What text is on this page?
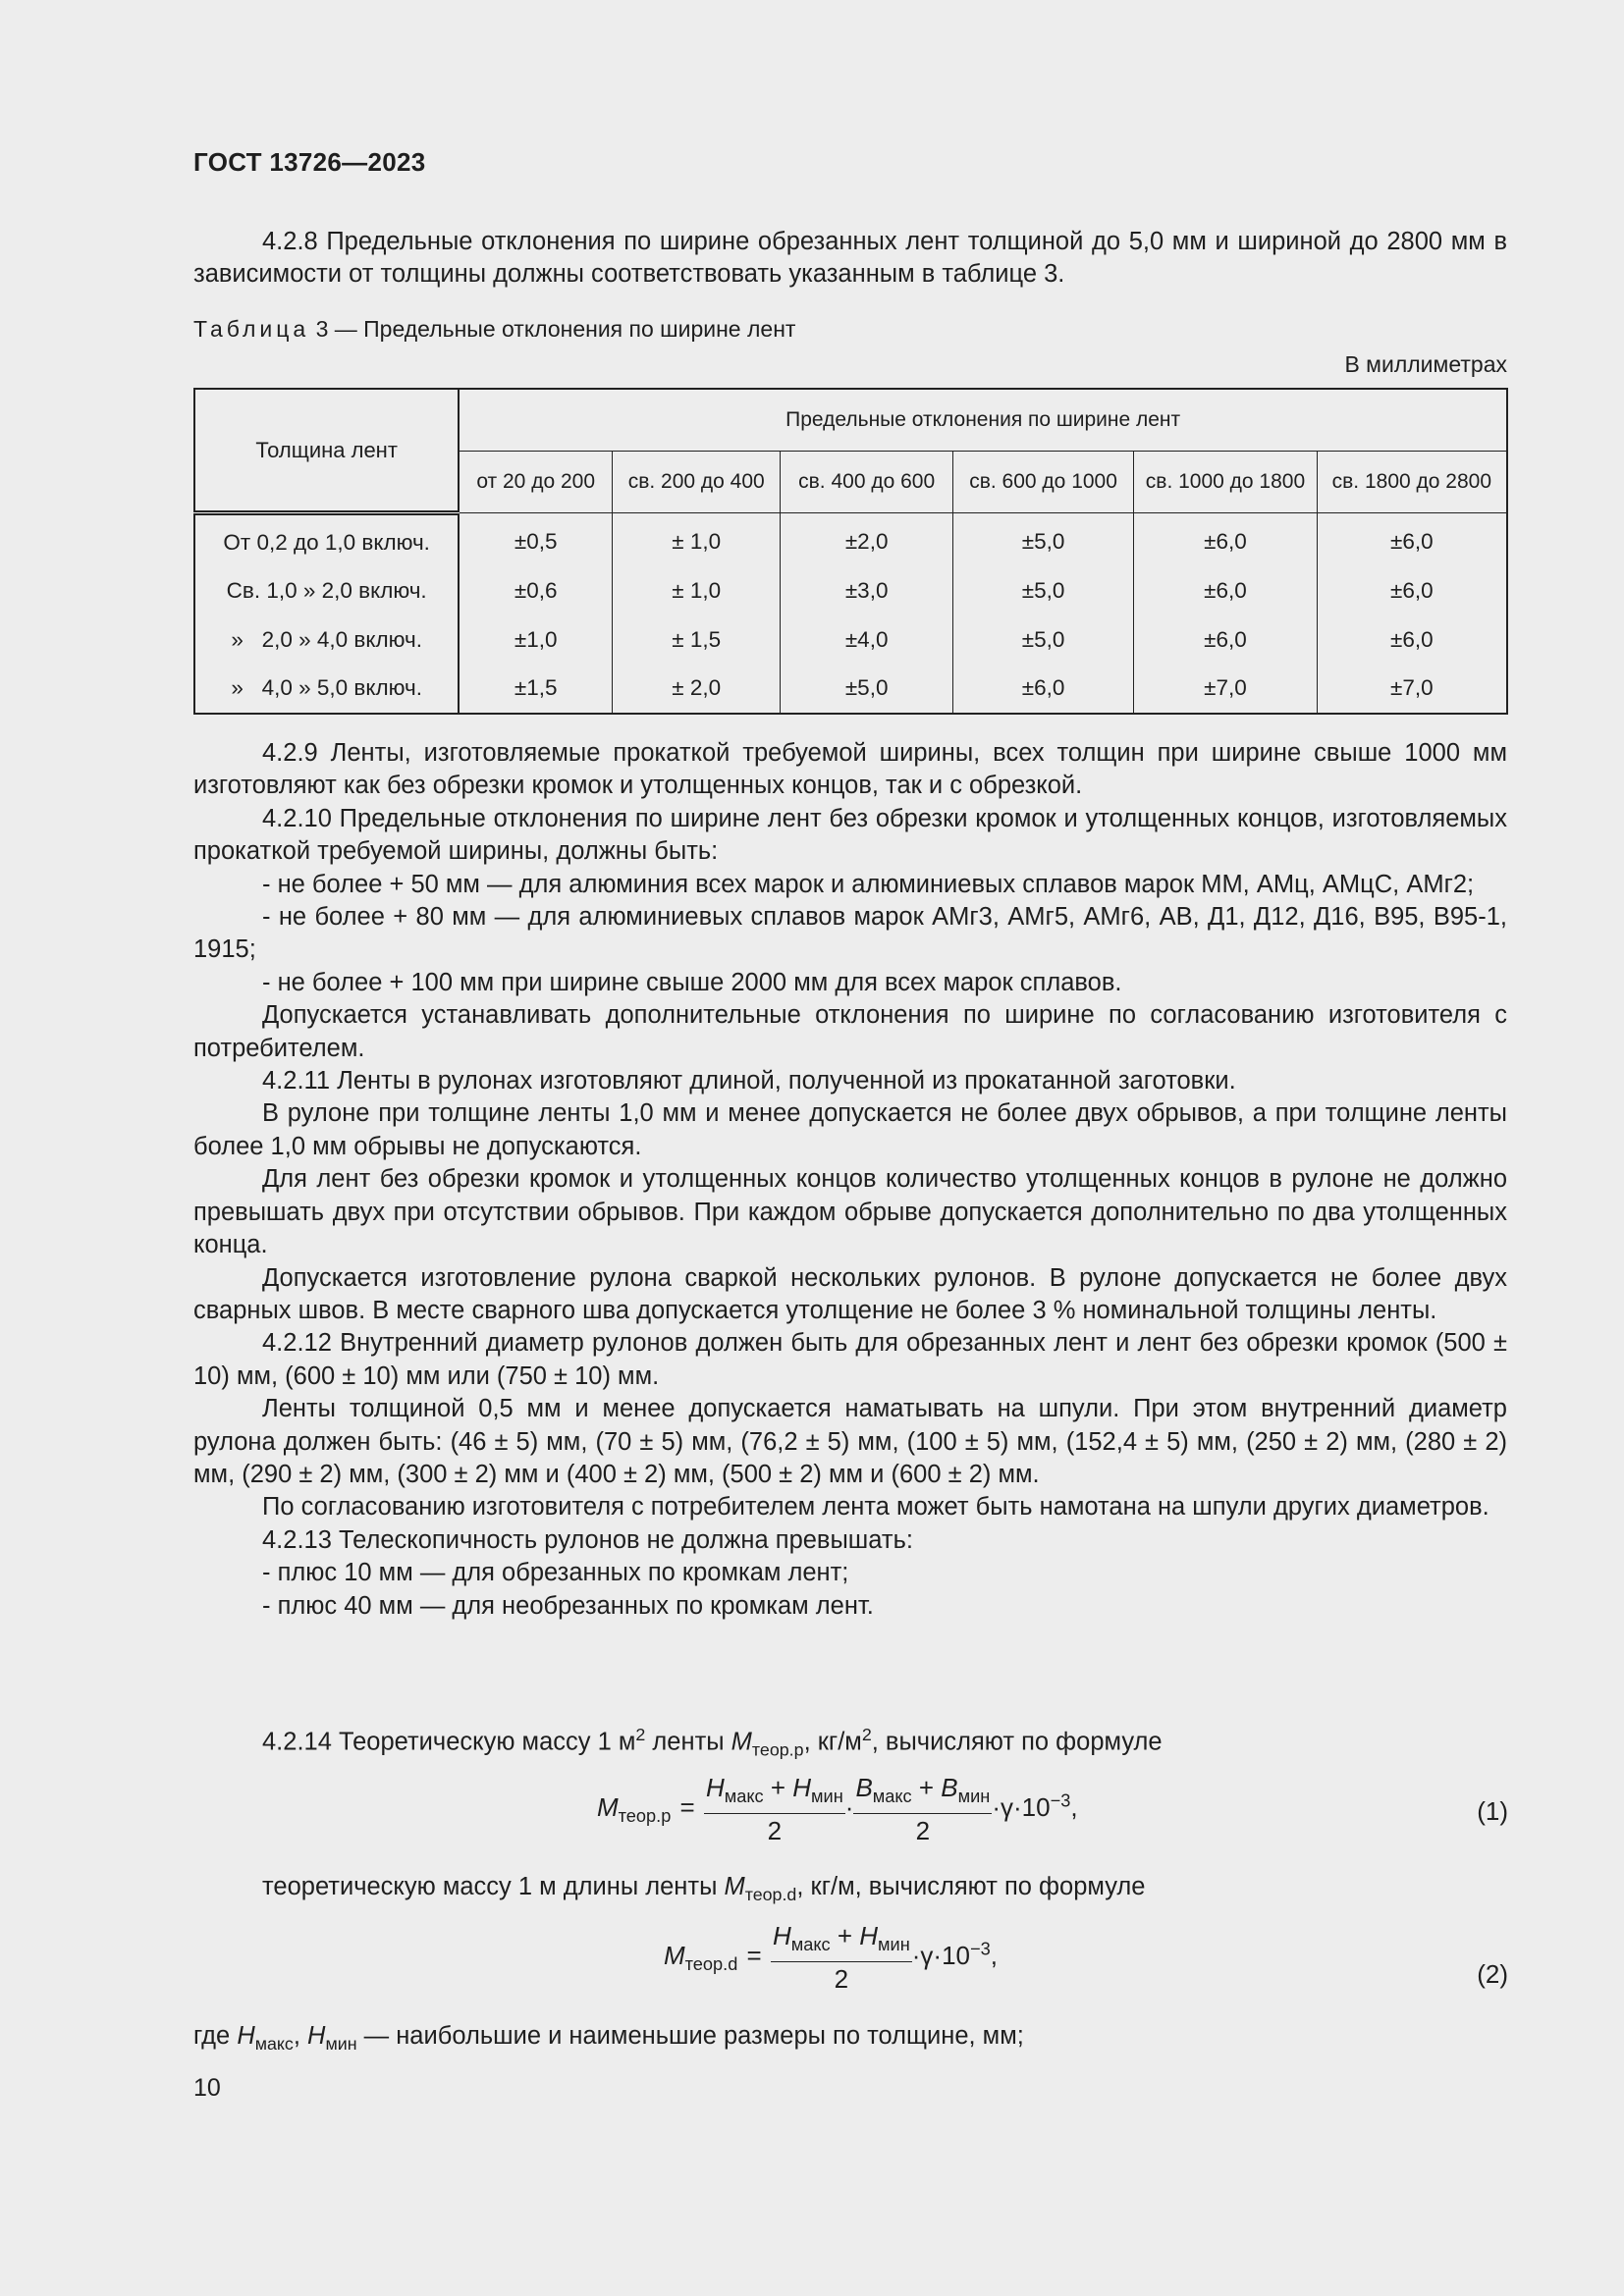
ГОСТ 13726—2023

4.2.8 Предельные отклонения по ширине обрезанных лент толщиной до 5,0 мм и шириной до 2800 мм в зависимости от толщины должны соответствовать указанным в таблице 3.

Таблица 3 — Предельные отклонения по ширине лент
В миллиметрах
Толщина лент	Предельные отклонения по ширине лент					
	от 20 до 200	св. 200 до 400	св. 400 до 600	св. 600 до 1000	св. 1000 до 1800	св. 1800 до 2800
От 0,2 до 1,0 включ.	±0,5	± 1,0	±2,0	±5,0	±6,0	±6,0
Св. 1,0 » 2,0 включ.	±0,6	± 1,0	±3,0	±5,0	±6,0	±6,0
»   2,0 » 4,0 включ.	±1,0	± 1,5	±4,0	±5,0	±6,0	±6,0
»   4,0 » 5,0 включ.	±1,5	± 2,0	±5,0	±6,0	±7,0	±7,0

4.2.9 Ленты, изготовляемые прокаткой требуемой ширины, всех толщин при ширине свыше 1000 мм изготовляют как без обрезки кромок и утолщенных концов, так и с обрезкой.

4.2.10 Предельные отклонения по ширине лент без обрезки кромок и утолщенных концов, изготовляемых прокаткой требуемой ширины, должны быть:

- не более + 50 мм — для алюминия всех марок и алюминиевых сплавов марок ММ, АМц, АМцС, АМг2;

- не более + 80 мм — для алюминиевых сплавов марок АМг3, АМг5, АМг6, АВ, Д1, Д12, Д16, В95, В95-1, 1915;

- не более + 100 мм при ширине свыше 2000 мм для всех марок сплавов.

Допускается устанавливать дополнительные отклонения по ширине по согласованию изготовителя с потребителем.

4.2.11 Ленты в рулонах изготовляют длиной, полученной из прокатанной заготовки.

В рулоне при толщине ленты 1,0 мм и менее допускается не более двух обрывов, а при толщине ленты более 1,0 мм обрывы не допускаются.

Для лент без обрезки кромок и утолщенных концов количество утолщенных концов в рулоне не должно превышать двух при отсутствии обрывов. При каждом обрыве допускается дополнительно по два утолщенных конца.

Допускается изготовление рулона сваркой нескольких рулонов. В рулоне допускается не более двух сварных швов. В месте сварного шва допускается утолщение не более 3 % номинальной толщины ленты.

4.2.12 Внутренний диаметр рулонов должен быть для обрезанных лент и лент без обрезки кромок (500 ± 10) мм, (600 ± 10) мм или (750 ± 10) мм.

Ленты толщиной 0,5 мм и менее допускается наматывать на шпули. При этом внутренний диаметр рулона должен быть: (46 ± 5) мм, (70 ± 5) мм, (76,2 ± 5) мм, (100 ± 5) мм, (152,4 ± 5) мм, (250 ± 2) мм, (280 ± 2) мм, (290 ± 2) мм, (300 ± 2) мм и (400 ± 2) мм, (500 ± 2) мм и (600 ± 2) мм.

По согласованию изготовителя с потребителем лента может быть намотана на шпули других диаметров.

4.2.13 Телескопичность рулонов не должна превышать:

- плюс 10 мм — для обрезанных по кромкам лент;

- плюс 40 мм — для необрезанных по кромкам лент.

4.2.14 Теоретическую массу 1 $м^2$ ленты $M_{теор.p}$, $кг/м^2$, вычисляют по формуле

$M_{теор.p} = \frac{H_{макс} + H_{мин}}{2} \cdot \frac{B_{макс} + B_{мин}}{2} \cdot\gamma\cdot 10^{-3}$,	(1)

теоретическую массу 1 м длины ленты $M_{теор.d}$, кг/м, вычисляют по формуле

$M_{теор.d} = \frac{H_{макс} + H_{мин}}{2} \cdot\gamma\cdot 10^{-3}$,
(2)

где $H_{макс}$, $H_{мин}$ — наибольшие и наименьшие размеры по толщине, мм;

10
